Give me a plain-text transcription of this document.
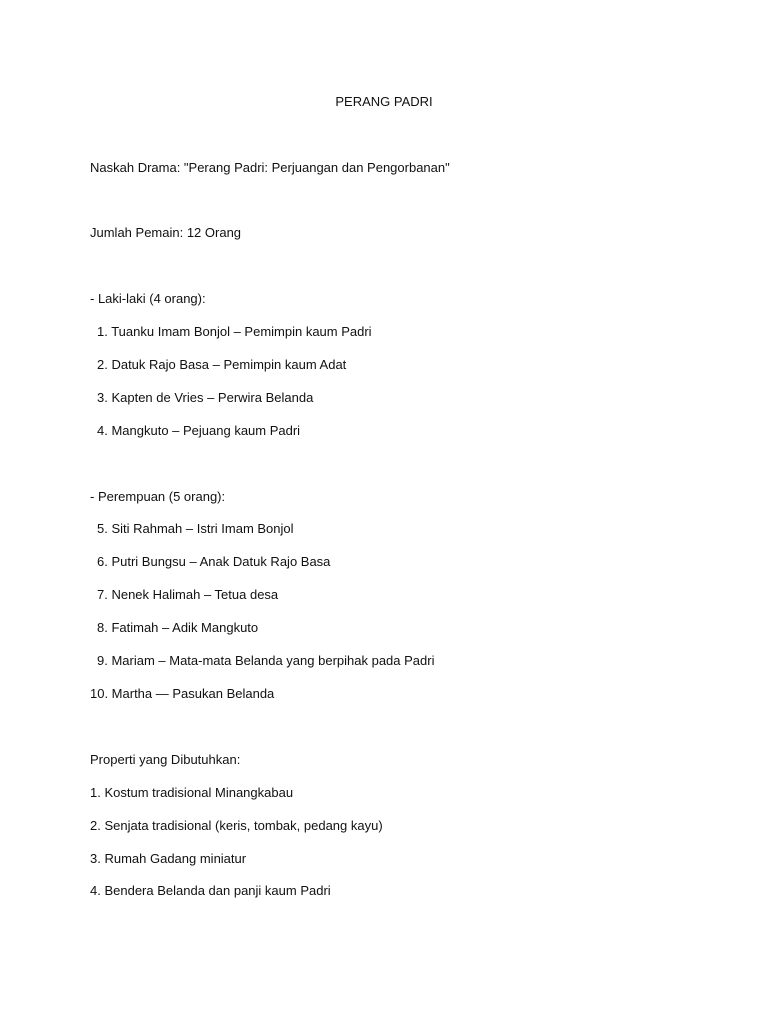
PERANG PADRI
Naskah Drama: "Perang Padri: Perjuangan dan Pengorbanan"
Jumlah Pemain: 12 Orang
- Laki-laki (4 orang):
1. Tuanku Imam Bonjol – Pemimpin kaum Padri
2. Datuk Rajo Basa – Pemimpin kaum Adat
3. Kapten de Vries – Perwira Belanda
4. Mangkuto – Pejuang kaum Padri
- Perempuan (5 orang):
5. Siti Rahmah – Istri Imam Bonjol
6. Putri Bungsu – Anak Datuk Rajo Basa
7. Nenek Halimah – Tetua desa
8. Fatimah – Adik Mangkuto
9. Mariam – Mata-mata Belanda yang berpihak pada Padri
10. Martha — Pasukan Belanda
Properti yang Dibutuhkan:
1. Kostum tradisional Minangkabau
2. Senjata tradisional (keris, tombak, pedang kayu)
3. Rumah Gadang miniatur
4. Bendera Belanda dan panji kaum Padri
